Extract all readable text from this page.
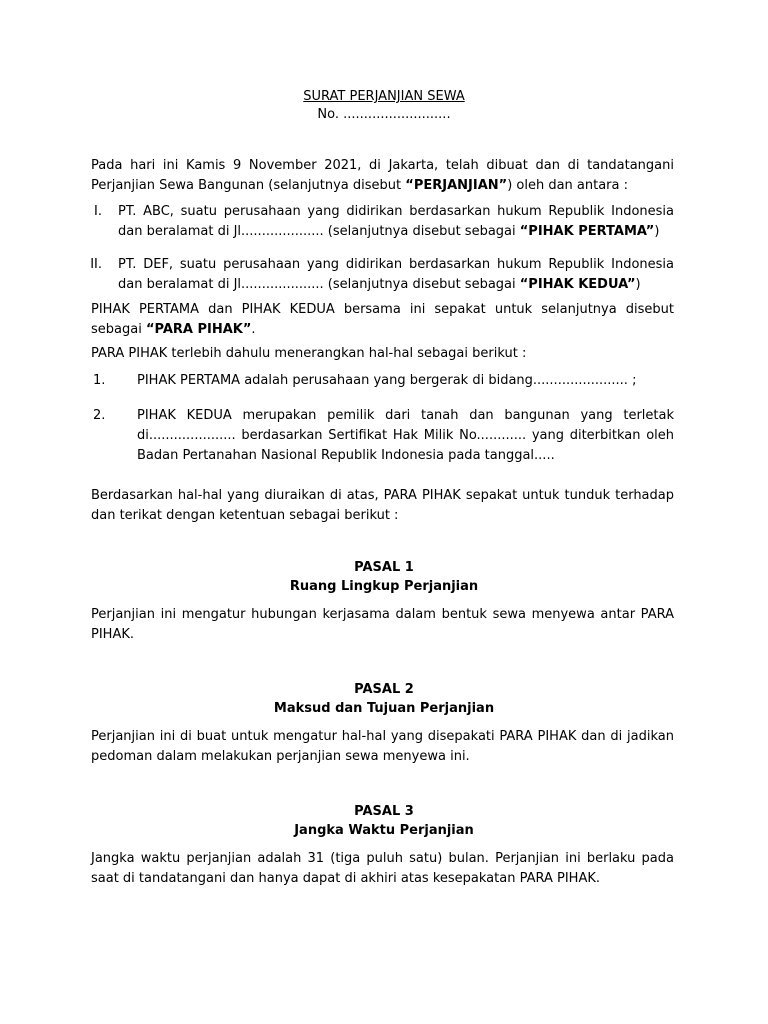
SURAT PERJANJIAN SEWA
No. ..........................

Pada hari ini Kamis 9 November 2021, di Jakarta, telah dibuat dan di tandatangani Perjanjian Sewa Bangunan (selanjutnya disebut “PERJANJIAN”) oleh dan antara :

I. PT. ABC, suatu perusahaan yang didirikan berdasarkan hukum Republik Indonesia dan beralamat di Jl.................... (selanjutnya disebut sebagai “PIHAK PERTAMA”)

II. PT. DEF, suatu perusahaan yang didirikan berdasarkan hukum Republik Indonesia dan beralamat di Jl.................... (selanjutnya disebut sebagai “PIHAK KEDUA”)

PIHAK PERTAMA dan PIHAK KEDUA bersama ini sepakat untuk selanjutnya disebut sebagai “PARA PIHAK”.

PARA PIHAK terlebih dahulu menerangkan hal-hal sebagai berikut :

1.	PIHAK PERTAMA adalah perusahaan yang bergerak di bidang....................... ;

2.	PIHAK KEDUA merupakan pemilik dari tanah dan bangunan yang terletak di..................... berdasarkan Sertifikat Hak Milik No............ yang diterbitkan oleh Badan Pertanahan Nasional Republik Indonesia pada tanggal.....

Berdasarkan hal-hal yang diuraikan di atas, PARA PIHAK sepakat untuk tunduk terhadap dan terikat dengan ketentuan sebagai berikut :

PASAL 1
Ruang Lingkup Perjanjian

Perjanjian ini mengatur hubungan kerjasama dalam bentuk sewa menyewa antar PARA PIHAK.

PASAL 2
Maksud dan Tujuan Perjanjian

Perjanjian ini di buat untuk mengatur hal-hal yang disepakati PARA PIHAK dan di jadikan pedoman dalam melakukan perjanjian sewa menyewa ini.

PASAL 3
Jangka Waktu Perjanjian

Jangka waktu perjanjian adalah 31 (tiga puluh satu) bulan. Perjanjian ini berlaku pada saat di tandatangani dan hanya dapat di akhiri atas kesepakatan PARA PIHAK.
